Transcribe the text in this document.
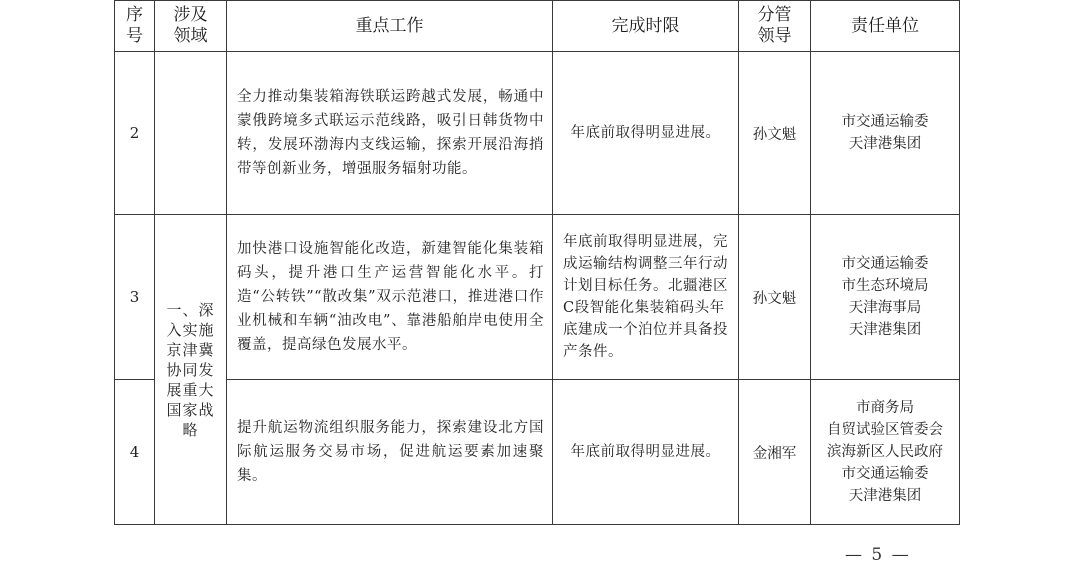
序号	涉及领域	重点工作	完成时限	分管领导	责任单位
2		全力推动集装箱海铁联运跨越式发展，畅通中蒙俄跨境多式联运示范线路，吸引日韩货物中转，发展环渤海内支线运输，探索开展沿海捎带等创新业务，增强服务辐射功能。	年底前取得明显进展。	孙文魁	市交通运输委
天津港集团

3	一、深入实施京津冀协同发展重大国家战略	加快港口设施智能化改造，新建智能化集装箱码头，提升港口生产运营智能化水平。打造“公转铁”“散改集”双示范港口，推进港口作业机械和车辆“油改电”、靠港船舶岸电使用全覆盖，提高绿色发展水平。	年底前取得明显进展，完成运输结构调整三年行动计划目标任务。北疆港区C段智能化集装箱码头年底建成一个泊位并具备投产条件。	孙文魁	市交通运输委
市生态环境局
天津海事局
天津港集团

4		提升航运物流组织服务能力，探索建设北方国际航运服务交易市场，促进航运要素加速聚集。	年底前取得明显进展。	金湘军	市商务局
自贸试验区管委会
滨海新区人民政府
市交通运输委
天津港集团
— 5 —
